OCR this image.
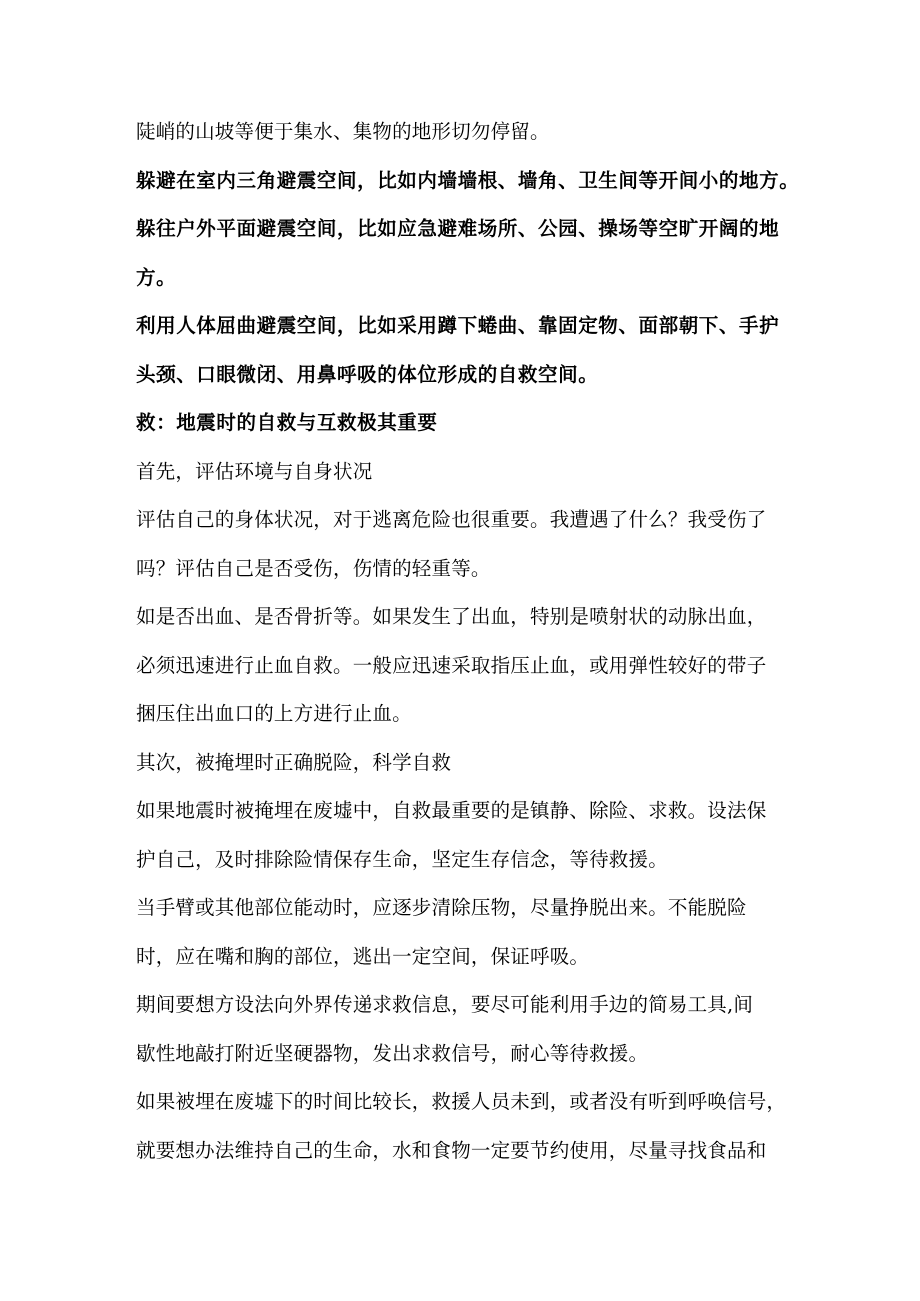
陡峭的山坡等便于集水、集物的地形切勿停留。
躲避在室内三角避震空间，比如内墙墙根、墙角、卫生间等开间小的地方。
躲往户外平面避震空间，比如应急避难场所、公园、操场等空旷开阔的地
方。
利用人体屈曲避震空间，比如采用蹲下蜷曲、靠固定物、面部朝下、手护
头颈、口眼微闭、用鼻呼吸的体位形成的自救空间。
救：地震时的自救与互救极其重要
首先，评估环境与自身状况
评估自己的身体状况，对于逃离危险也很重要。我遭遇了什么？我受伤了
吗？评估自己是否受伤，伤情的轻重等。
如是否出血、是否骨折等。如果发生了出血，特别是喷射状的动脉出血，
必须迅速进行止血自救。一般应迅速采取指压止血，或用弹性较好的带子
捆压住出血口的上方进行止血。
其次，被掩埋时正确脱险，科学自救
如果地震时被掩埋在废墟中，自救最重要的是镇静、除险、求救。设法保
护自己，及时排除险情保存生命，坚定生存信念，等待救援。
当手臂或其他部位能动时，应逐步清除压物，尽量挣脱出来。不能脱险
时，应在嘴和胸的部位，逃出一定空间，保证呼吸。
期间要想方设法向外界传递求救信息，要尽可能利用手边的简易工具,间
歇性地敲打附近坚硬器物，发出求救信号，耐心等待救援。
如果被埋在废墟下的时间比较长，救援人员未到，或者没有听到呼唤信号，
就要想办法维持自己的生命，水和食物一定要节约使用，尽量寻找食品和
